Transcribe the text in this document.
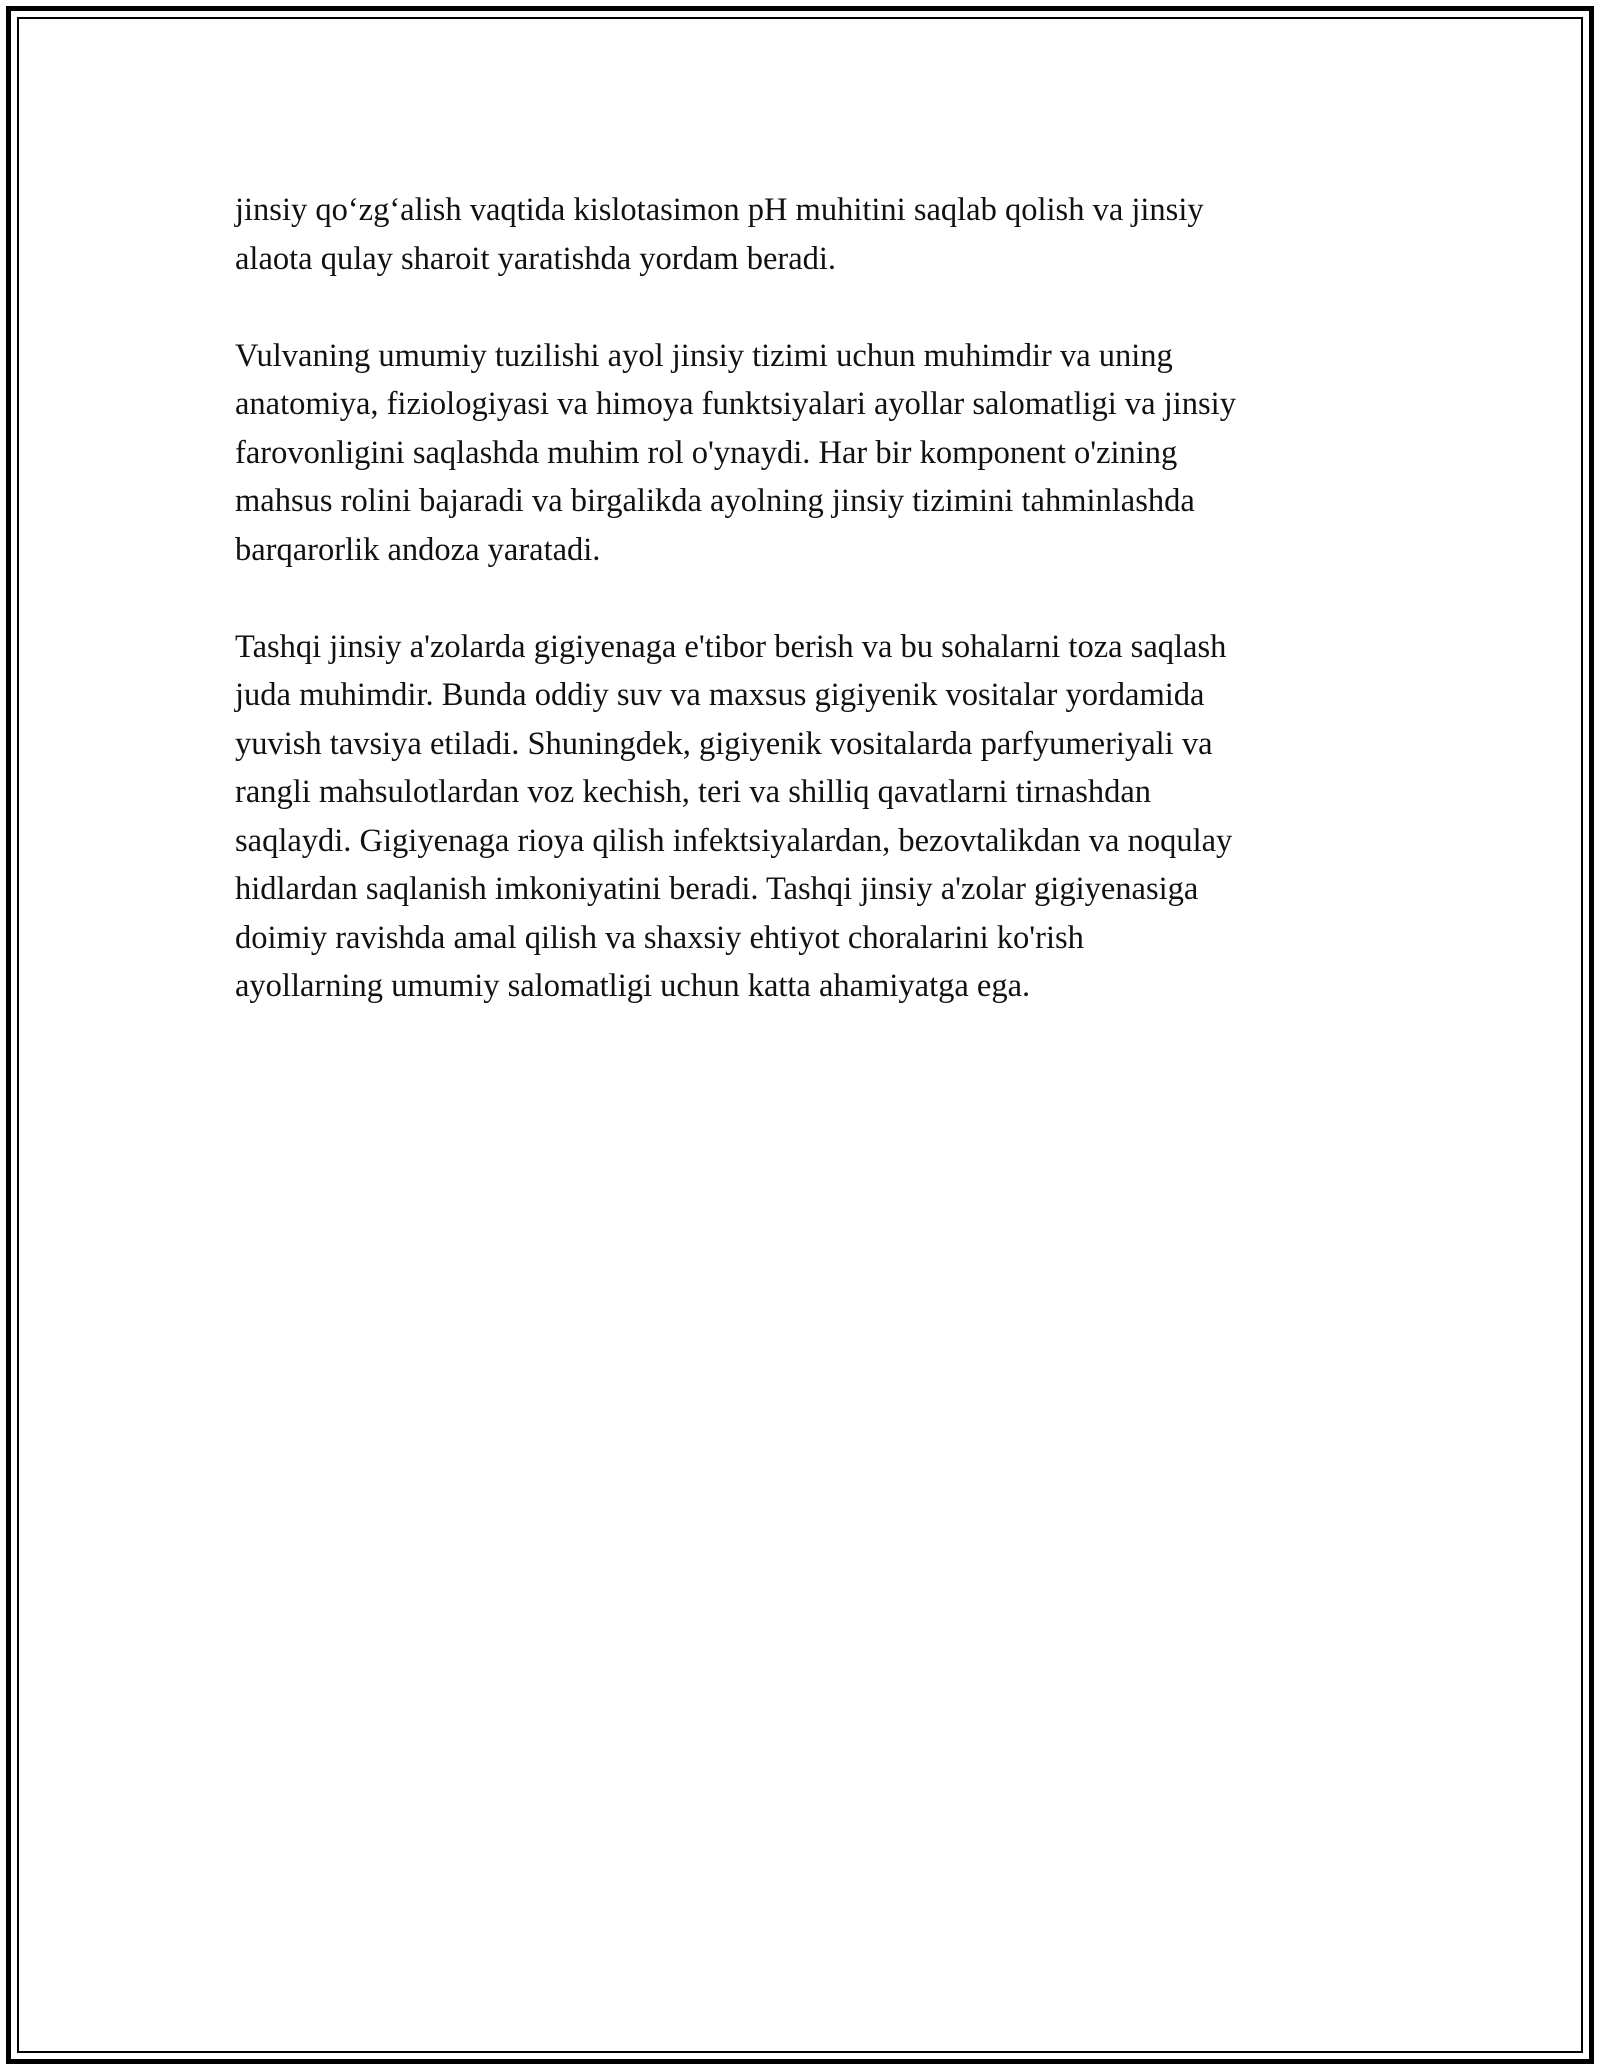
jinsiy qo‘zg‘alish vaqtida kislotasimon pH muhitini saqlab qolish va jinsiy
alaota qulay sharoit yaratishda yordam beradi.

Vulvaning umumiy tuzilishi ayol jinsiy tizimi uchun muhimdir va uning
anatomiya, fiziologiyasi va himoya funktsiyalari ayollar salomatligi va jinsiy
farovonligini saqlashda muhim rol o'ynaydi. Har bir komponent o'zining
mahsus rolini bajaradi va birgalikda ayolning jinsiy tizimini tahminlashda
barqarorlik andoza yaratadi.

Tashqi jinsiy a'zolarda gigiyenaga e'tibor berish va bu sohalarni toza saqlash
juda muhimdir. Bunda oddiy suv va maxsus gigiyenik vositalar yordamida
yuvish tavsiya etiladi. Shuningdek, gigiyenik vositalarda parfyumeriyali va
rangli mahsulotlardan voz kechish, teri va shilliq qavatlarni tirnashdan
saqlaydi. Gigiyenaga rioya qilish infektsiyalardan, bezovtalikdan va noqulay
hidlardan saqlanish imkoniyatini beradi. Tashqi jinsiy a'zolar gigiyenasiga
doimiy ravishda amal qilish va shaxsiy ehtiyot choralarini ko'rish
ayollarning umumiy salomatligi uchun katta ahamiyatga ega.
